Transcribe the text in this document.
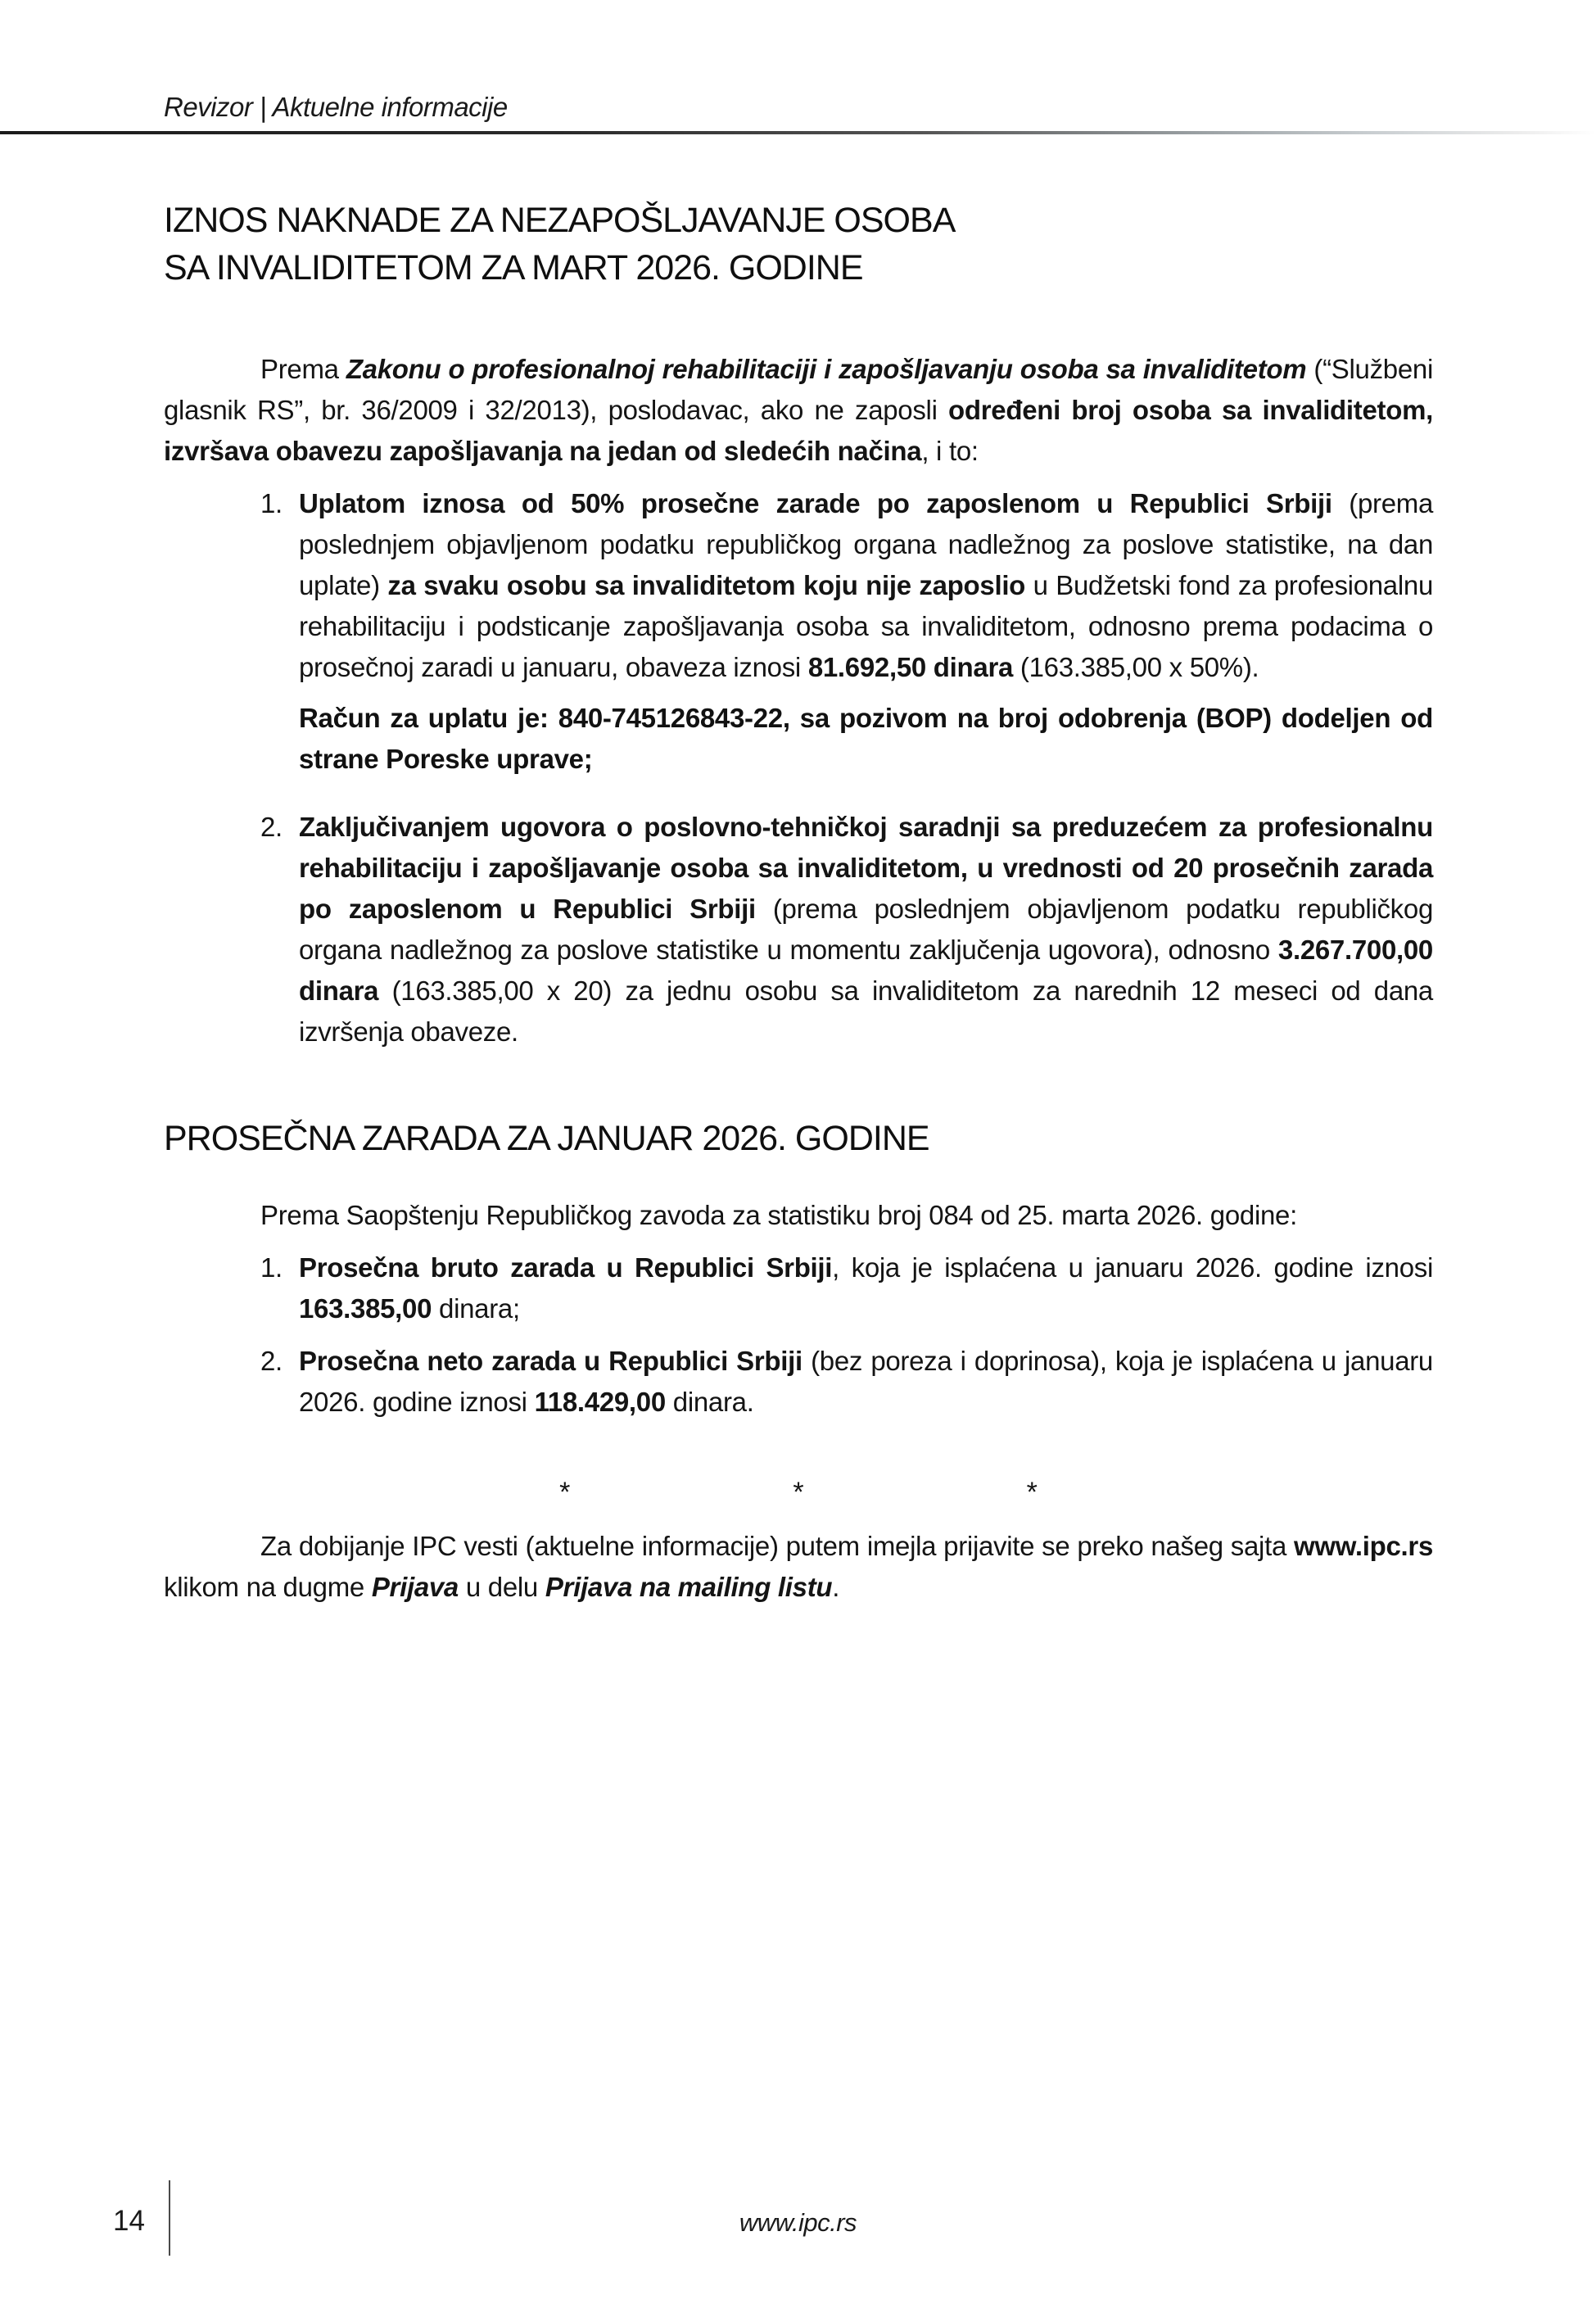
Revizor | Aktuelne informacije
IZNOS NAKNADE ZA NEZAPOŠLJAVANJE OSOBA
SA INVALIDITETOM ZA MART 2026. GODINE

Prema Zakonu o profesionalnoj rehabilitaciji i zapošljavanju osoba sa invaliditetom (“Službeni glasnik RS”, br. 36/2009 i 32/2013), poslodavac, ako ne zaposli određeni broj osoba sa invaliditetom, izvršava obavezu zapošljavanja na jedan od sledećih načina, i to:

1. Uplatom iznosa od 50% prosečne zarade po zaposlenom u Republici Srbiji (prema poslednjem objavljenom podatku republičkog organa nadležnog za poslove statistike, na dan uplate) za svaku osobu sa invaliditetom koju nije zaposlio u Budžetski fond za profesionalnu rehabilitaciju i podsticanje zapošljavanja osoba sa invaliditetom, odnosno prema podacima o prosečnoj zaradi u januaru, obaveza iznosi 81.692,50 dinara (163.385,00 x 50%).

Račun za uplatu je: 840-745126843-22, sa pozivom na broj odobrenja (BOP) dodeljen od strane Poreske uprave;

2. Zaključivanjem ugovora o poslovno-tehničkoj saradnji sa preduzećem za profesionalnu rehabilitaciju i zapošljavanje osoba sa invaliditetom, u vrednosti od 20 prosečnih zarada po zaposlenom u Republici Srbiji (prema poslednjem objavljenom podatku republičkog organa nadležnog za poslove statistike u momentu zaključenja ugovora), odnosno 3.267.700,00 dinara (163.385,00 x 20) za jednu osobu sa invaliditetom za narednih 12 meseci od dana izvršenja obaveze.
PROSEČNA ZARADA ZA JANUAR 2026. GODINE

Prema Saopštenju Republičkog zavoda za statistiku broj 084 od 25. marta 2026. godine:

1. Prosečna bruto zarada u Republici Srbiji, koja je isplaćena u januaru 2026. godine iznosi 163.385,00 dinara;
2. Prosečna neto zarada u Republici Srbiji (bez poreza i doprinosa), koja je isplaćena u januaru 2026. godine iznosi 118.429,00 dinara.
*	*	*

Za dobijanje IPC vesti (aktuelne informacije) putem imejla prijavite se preko našeg sajta www.ipc.rs klikom na dugme Prijava u delu Prijava na mailing listu.

14	www.ipc.rs
